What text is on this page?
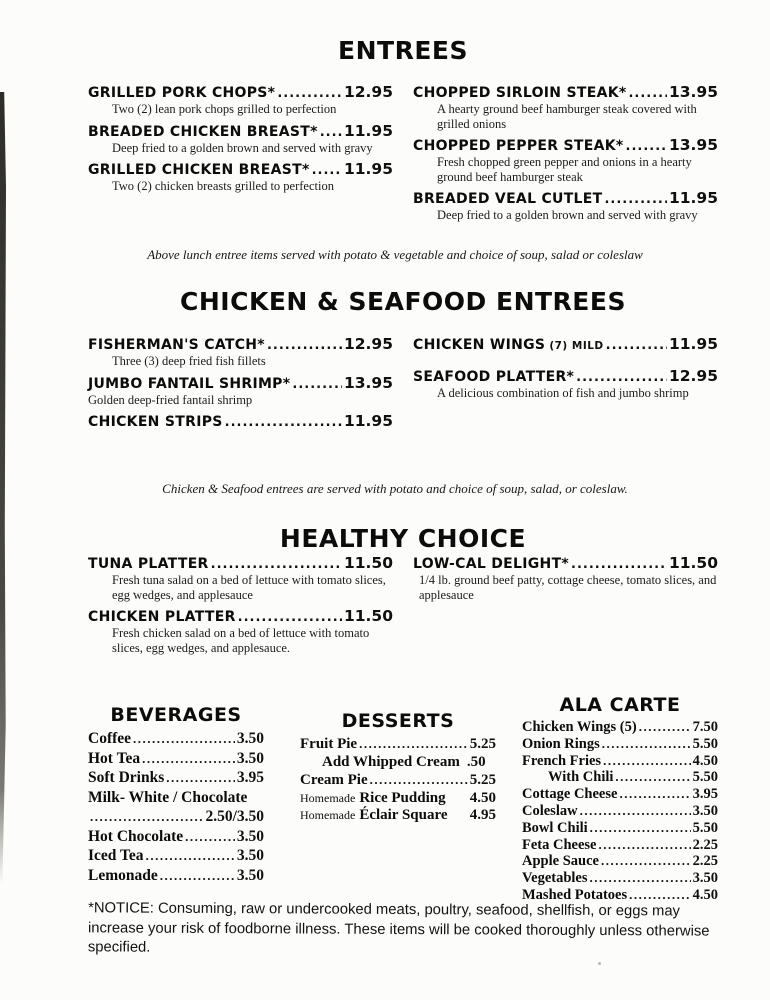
ENTREES
GRILLED PORK CHOPS* .....	12.95
Two (2) lean pork chops grilled to perfection
BREADED CHICKEN BREAST* ..... 11.95
Deep fried to a golden brown and served with gravy
GRILLED CHICKEN BREAST* ..... 11.95
Two (2) chicken breasts grilled to perfection
CHOPPED SIRLOIN STEAK* .....	13.95
A hearty ground beef hamburger steak covered with grilled onions
CHOPPED PEPPER STEAK* .....	13.95
Fresh chopped green pepper and onions in a hearty ground beef hamburger steak
BREADED VEAL CUTLET .....	11.95
Deep fried to a golden brown and served with gravy

Above lunch entree items served with potato & vegetable and choice of soup, salad or coleslaw

CHICKEN & SEAFOOD ENTREES
FISHERMAN'S CATCH* .....	12.95
Three (3) deep fried fish fillets
JUMBO FANTAIL SHRIMP* .....	13.95
Golden deep-fried fantail shrimp
CHICKEN STRIPS .....	11.95
CHICKEN WINGS (7) MILD .....	11.95
SEAFOOD PLATTER* .....	12.95
A delicious combination of fish and jumbo shrimp

Chicken & Seafood entrees are served with potato and choice of soup, salad, or coleslaw.

HEALTHY CHOICE
TUNA PLATTER .....	11.50
Fresh tuna salad on a bed of lettuce with tomato slices, egg wedges, and applesauce
CHICKEN PLATTER .....	11.50
Fresh chicken salad on a bed of lettuce with tomato slices, egg wedges, and applesauce.
LOW-CAL DELIGHT* .....	11.50
1/4 lb. ground beef patty, cottage cheese, tomato slices, and applesauce
BEVERAGES
Coffee .....	3.50
Hot Tea .....	3.50
Soft Drinks .....	3.95
Milk- White / Chocolate
.....
2.50/3.50
Hot Chocolate .....	3.50
Iced Tea .....	3.50
Lemonade .....	3.50
DESSERTS
Fruit Pie .....	5.25
Add Whipped Cream .50
Cream Pie .....	5.25
Homemade Rice Pudding 4.50
Homemade Éclair Square 4.95
ALA CARTE
Chicken Wings (5) .....	7.50
Onion Rings .....	5.50
French Fries .....	4.50
With Chili .....	5.50
Cottage Cheese .....	3.95
Coleslaw .....	3.50
Bowl Chili .....	5.50
Feta Cheese .....	2.25
Apple Sauce .....	2.25
Vegetables .....	3.50
Mashed Potatoes .....	4.50

*NOTICE: Consuming, raw or undercooked meats, poultry, seafood, shellfish, or eggs may increase your risk of foodborne illness. These items will be cooked thoroughly unless otherwise specified.
